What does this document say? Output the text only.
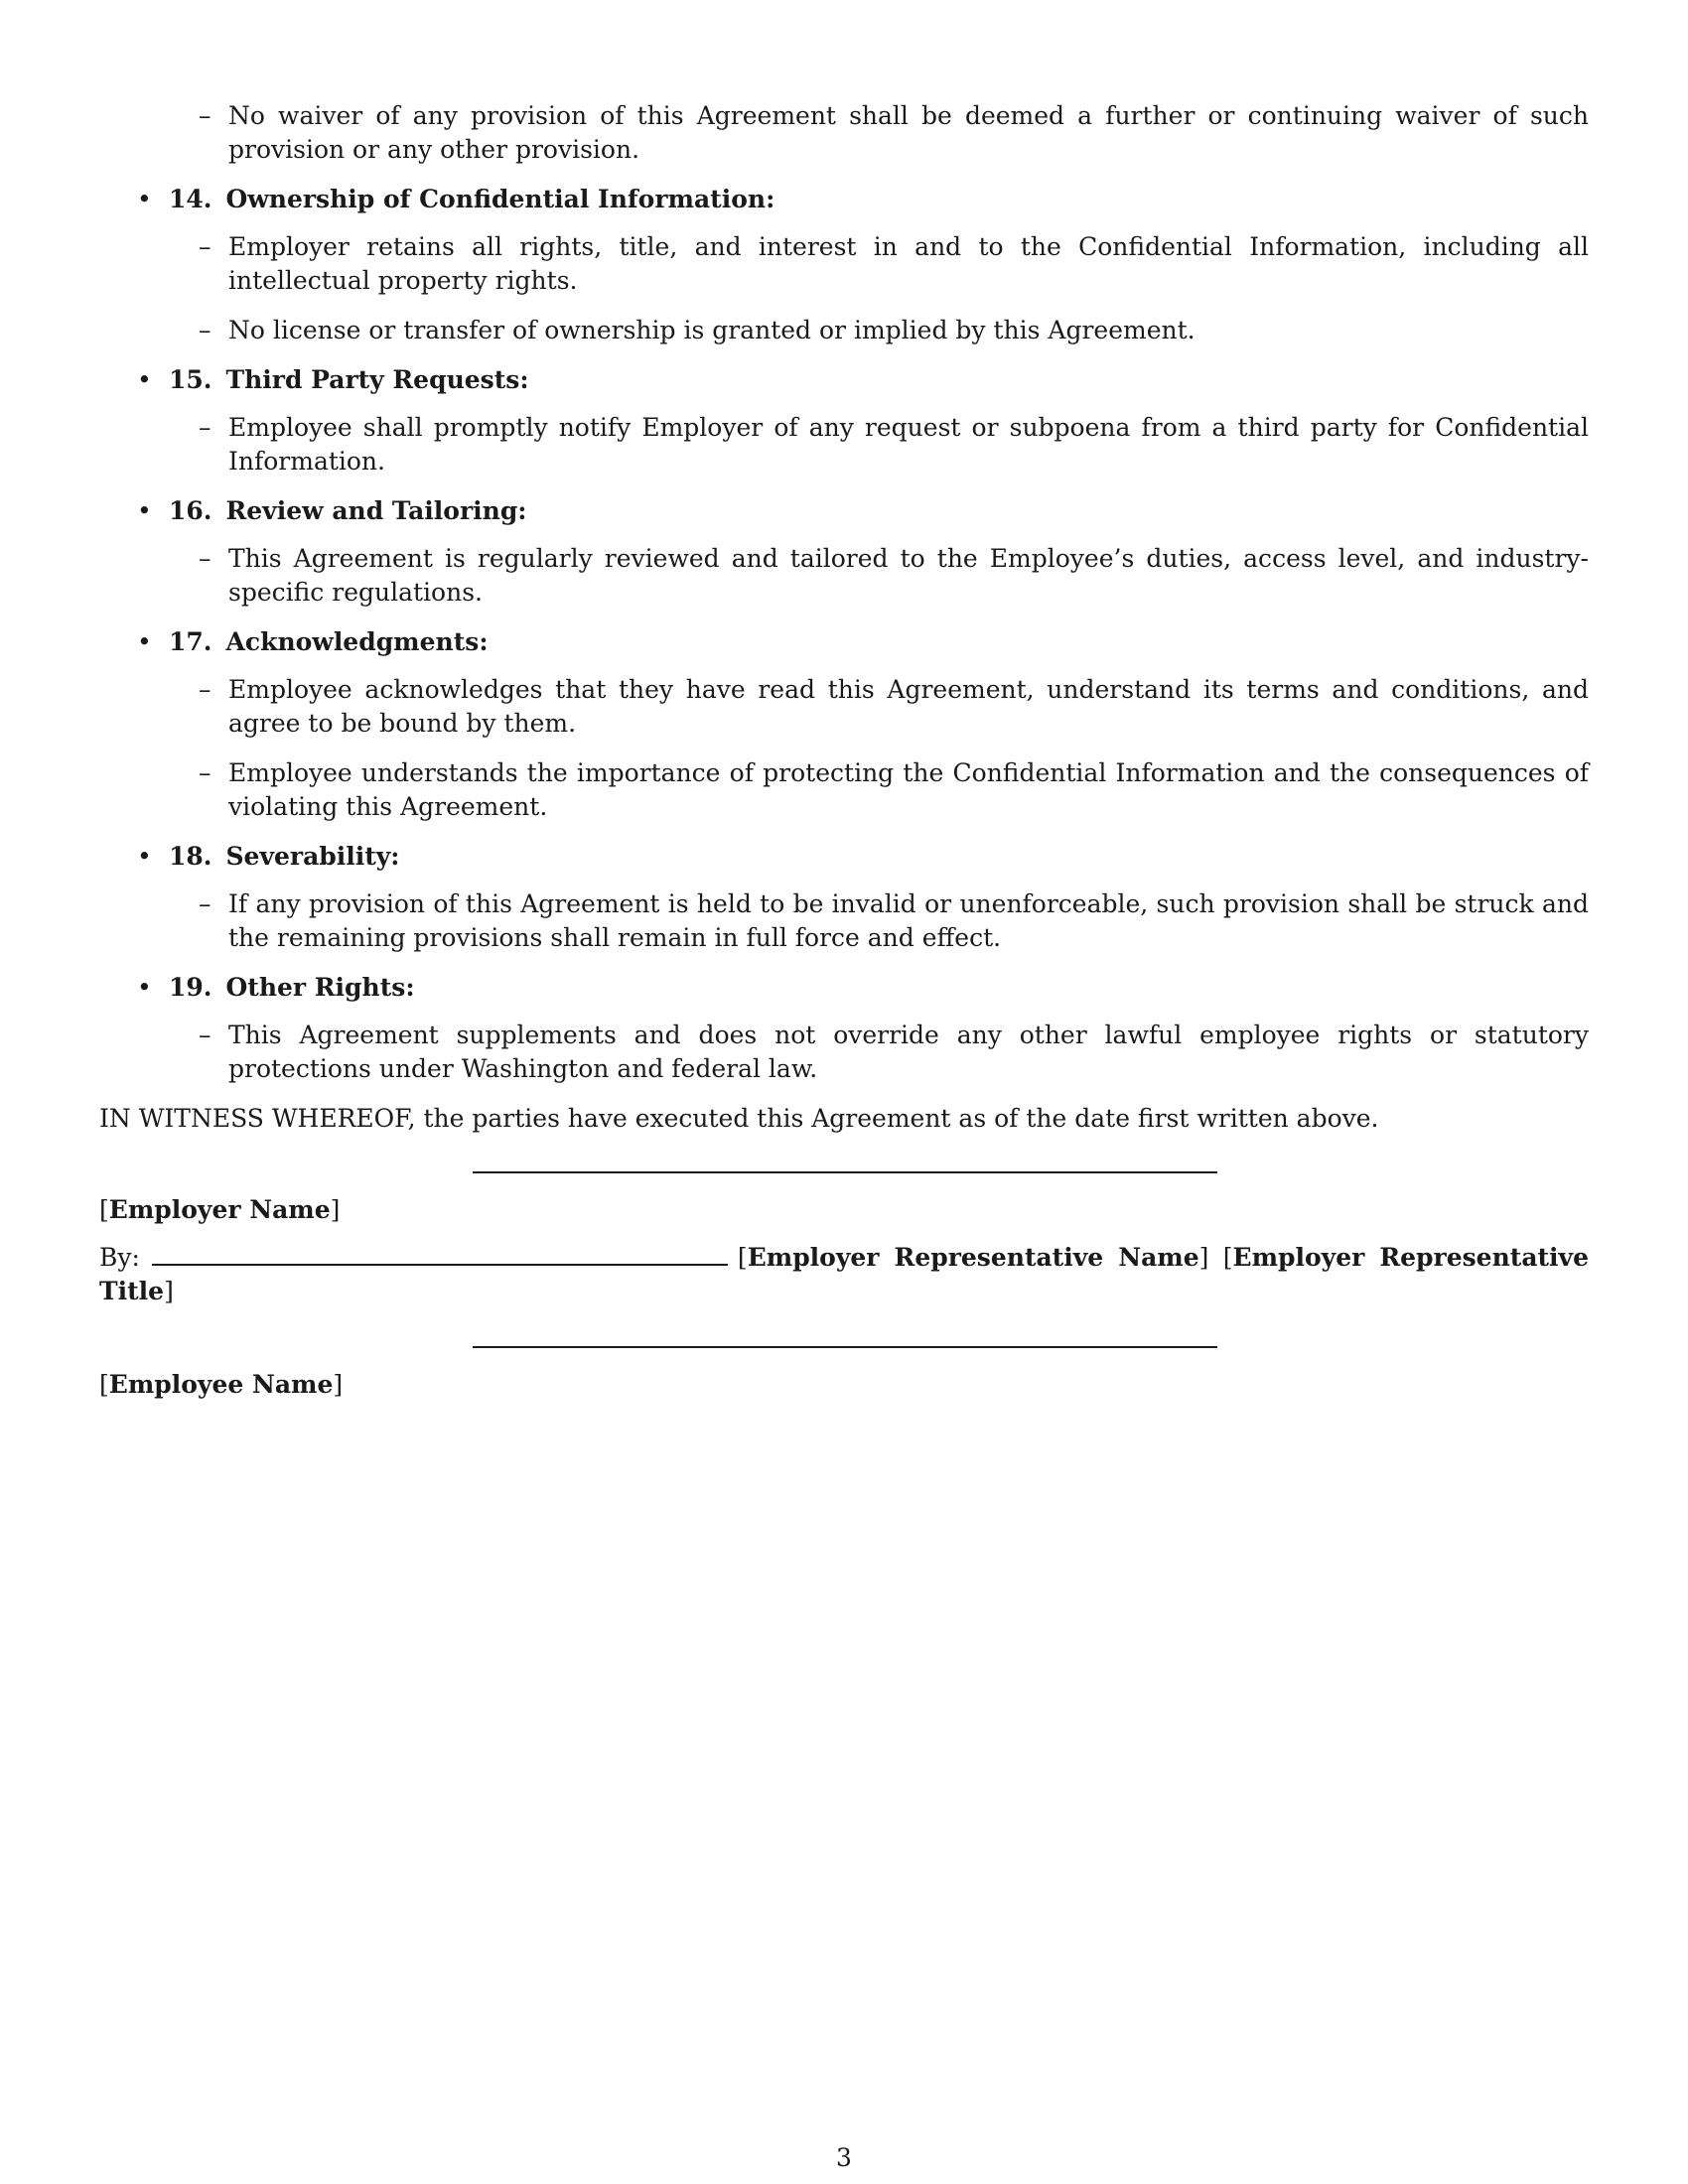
– No waiver of any provision of this Agreement shall be deemed a further or continuing waiver of such provision or any other provision.

• 14. Ownership of Confidential Information:

– Employer retains all rights, title, and interest in and to the Confidential Information, including all intellectual property rights.

– No license or transfer of ownership is granted or implied by this Agreement.

• 15. Third Party Requests:

– Employee shall promptly notify Employer of any request or subpoena from a third party for Confidential Information.

• 16. Review and Tailoring:

– This Agreement is regularly reviewed and tailored to the Employee’s duties, access level, and industry-specific regulations.

• 17. Acknowledgments:

– Employee acknowledges that they have read this Agreement, understand its terms and conditions, and agree to be bound by them.

– Employee understands the importance of protecting the Confidential Information and the consequences of violating this Agreement.

• 18. Severability:

– If any provision of this Agreement is held to be invalid or unenforceable, such provision shall be struck and the remaining provisions shall remain in full force and effect.

• 19. Other Rights:

– This Agreement supplements and does not override any other lawful employee rights or statutory protections under Washington and federal law.

IN WITNESS WHEREOF, the parties have executed this Agreement as of the date first written above.

[Employer Name]

By:	[Employer Representative Name] [Employer Representative Title]

[Employee Name]

3
